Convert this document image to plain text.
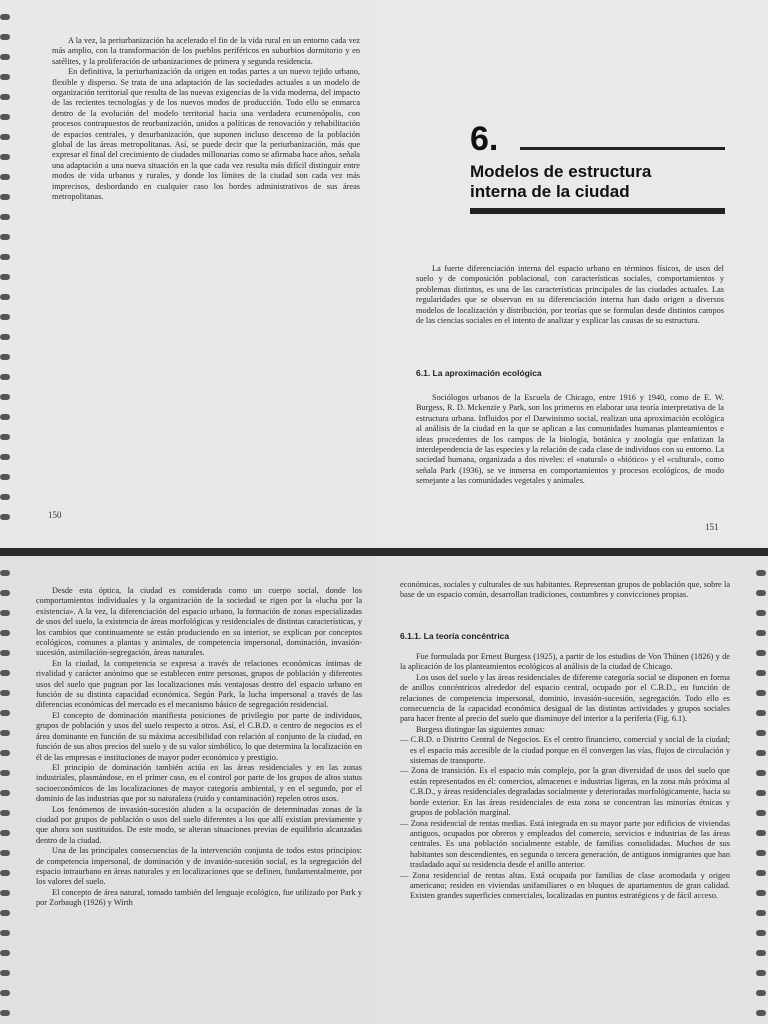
A la vez, la periurbanización ha acelerado el fin de la vida rural en un entorno cada vez más amplio, con la transformación de los pueblos periféricos en suburbios dormitorio y en satélites, y la proliferación de urbanizaciones de primera y segunda residencia.

En definitiva, la periurbanización da origen en todas partes a un nuevo tejido urbano, flexible y disperso. Se trata de una adaptación de las sociedades actuales a un modelo de organización territorial que resulta de las nuevas exigencias de la vida moderna, del impacto de las recientes tecnologías y de los nuevos modos de producción. Todo ello se enmarca dentro de la evolución del modelo territorial hacia una verdadera ecumenópolis, con procesos contrapuestos de reurbanización, unidos a políticas de renovación y rehabilitación de espacios centrales, y desurbanización, que suponen incluso descenso de la población global de las áreas metropolitanas. Así, se puede decir que la periurbanización, más que expresar el final del crecimiento de ciudades millonarias como se afirmaba hace años, señala una adaptación a una nueva situación en la que cada vez resulta más difícil distinguir entre modos de vida urbanos y rurales, y donde los límites de la ciudad son cada vez más imprecisos, desbordando en cualquier caso los bordes administrativos de sus áreas metropolitanas.

150
151
6.
Modelos de estructura
interna de la ciudad

La fuerte diferenciación interna del espacio urbano en términos físicos, de usos del suelo y de composición poblacional, con características sociales, comportamientos y problemas distintos, es una de las características principales de las ciudades actuales. Las regularidades que se observan en su diferenciación interna han dado origen a diversos modelos de localización y distribución, por teorías que se formulan desde distintos campos de las ciencias sociales en el intento de analizar y explicar las causas de su estructura.

6.1. La aproximación ecológica

Sociólogos urbanos de la Escuela de Chicago, entre 1916 y 1940, como de E. W. Burgess, R. D. Mckenzie y Park, son los primeros en elaborar una teoría interpretativa de la estructura urbana. Influidos por el Darwinismo social, realizan una aproximación ecológica al análisis de la ciudad en la que se aplican a las comunidades humanas planteamientos e ideas procedentes de los campos de la biología, botánica y zoología que enfatizan la interdependencia de las especies y la relación de cada clase de individuos con su entorno. La sociedad humana, organizada a dos niveles: el «natural» o «biótico» y el «cultural», como señala Park (1936), se ve inmersa en comportamientos y procesos ecológicos, de modo semejante a las comunidades vegetales y animales.

Desde esta óptica, la ciudad es considerada como un cuerpo social, donde los comportamientos individuales y la organización de la sociedad se rigen por la «lucha por la existencia». A la vez, la diferenciación del espacio urbano, la formación de zonas especializadas de usos del suelo, la existencia de áreas morfológicas y residenciales de distintas características, y los cambios que continuamente se están produciendo en su interior, se explican por conceptos ecológicos, comunes a plantas y animales, de competencia impersonal, dominación, invasión-sucesión, asimilación-segregación, áreas naturales.

En la ciudad, la competencia se expresa a través de relaciones económicas íntimas de rivalidad y carácter anónimo que se establecen entre personas, grupos de población y diferentes usos del suelo que pugnan por las localizaciones más ventajosas dentro del espacio urbano en función de su distinta capacidad económica. Según Park, la lucha impersonal a través de las diferencias económicas del mercado es el mecanismo básico de segregación residencial.

El concepto de dominación manifiesta posiciones de privilegio por parte de individuos, grupos de población y usos del suelo respecto a otros. Así, el C.B.D. o centro de negocios es el área dominante en función de su máxima accesibilidad con relación al conjunto de la ciudad, en función de sus altos precios del suelo y de su valor simbólico, lo que determina la localización en él de las empresas e instituciones de mayor poder económico y prestigio.

El principio de dominación también actúa en las áreas residenciales y en las zonas industriales, plasmándose, en el primer caso, en el control por parte de los grupos de altos status socioeconómicos de las localizaciones de mayor categoría ambiental, y en el segundo, por el dominio de las industrias que por su naturaleza (ruido y contaminación) repelen otros usos.

Los fenómenos de invasión-sucesión aluden a la ocupación de determinadas zonas de la ciudad por grupos de población o usos del suelo diferentes a los que allí existían previamente y que ahora son sustituidos. De este modo, se alteran situaciones previas de equilibrio alcanzadas dentro de la ciudad.

Una de las principales consecuencias de la intervención conjunta de todos estos principios: de competencia impersonal, de dominación y de invasión-sucesión social, es la segregación del espacio intraurbano en áreas naturales y en localizaciones que se definen, fundamentalmente, por los valores del suelo.

El concepto de área natural, tomado también del lenguaje ecológico, fue utilizado por Park y por Zorbaugh (1926) y Wirth

económicas, sociales y culturales de sus habitantes. Representan grupos de población que, sobre la base de un espacio común, desarrollan tradiciones, costumbres y convicciones propias.

6.1.1. La teoría concéntrica

Fue formulada por Ernest Burgess (1925), a partir de los estudios de Von Thünen (1826) y de la aplicación de los planteamientos ecológicos al análisis de la ciudad de Chicago.

Los usos del suelo y las áreas residenciales de diferente categoría social se disponen en forma de anillos concéntricos alrededor del espacio central, ocupado por el C.B.D., en función de relaciones de competencia impersonal, dominio, invasión-sucesión, segregación. Todo ello es consecuencia de la capacidad económica desigual de las distintas actividades y grupos sociales para hacer frente al precio del suelo que disminuye del interior a la periferia (Fig. 6.1).

Burgess distingue las siguientes zonas:

— C.B.D. o Distrito Central de Negocios. Es el centro financiero, comercial y social de la ciudad; es el espacio más accesible de la ciudad porque en él convergen las vías, flujos de circulación y sistemas de transporte.
— Zona de transición. Es el espacio más complejo, por la gran diversidad de usos del suelo que están representados en él: comercios, almacenes e industrias ligeras, en la zona más próxima al C.B.D., y áreas residenciales degradadas socialmente y deterioradas morfológicamente, hacia su borde exterior. En las áreas residenciales de esta zona se concentran las minorías étnicas y grupos de población marginal.
— Zona residencial de rentas medias. Está integrada en su mayor parte por edificios de viviendas antiguos, ocupados por obreros y empleados del comercio, servicios e industrias de las áreas centrales. Es una población socialmente estable, de familias consolidadas. Muchos de sus habitantes son descendientes, en segunda o tercera generación, de antiguos inmigrantes que han trasladado aquí su residencia desde el anillo anterior.
— Zona residencial de rentas altas. Está ocupada por familias de clase acomodada y origen americano; residen en viviendas unifamiliares o en bloques de apartamentos de gran calidad. Existen grandes superficies comerciales, localizadas en puntos estratégicos y de fácil acceso.
